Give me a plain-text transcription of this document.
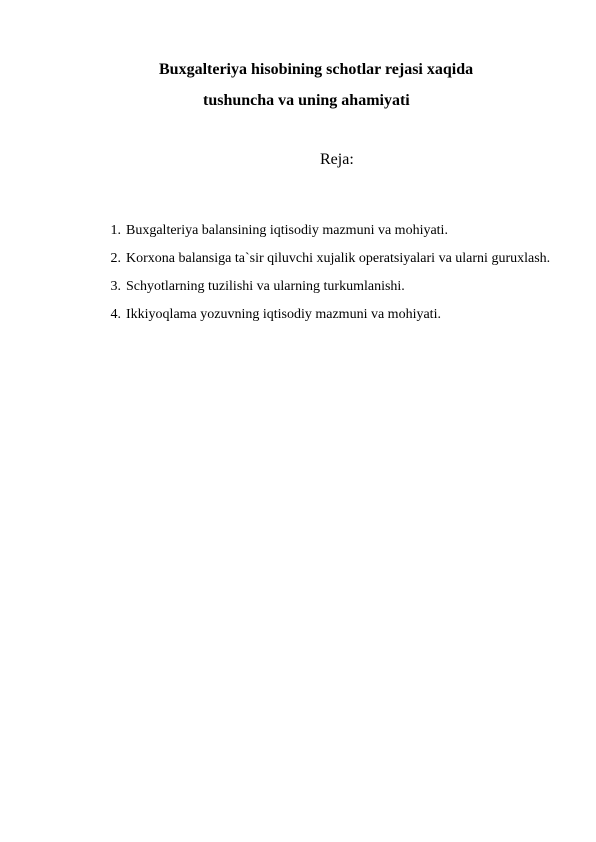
Buxgalteriya hisobining schotlar rejasi xaqida
tushuncha va uning ahamiyati
Reja:
1. Buxgalteriya balansining iqtisodiy mazmuni va mohiyati.
2. Korxona balansiga ta`sir qiluvchi xujalik operatsiyalari va ularni guruxlash.
3. Schyotlarning tuzilishi va ularning turkumlanishi.
4. Ikkiyoqlama yozuvning iqtisodiy mazmuni va mohiyati.
